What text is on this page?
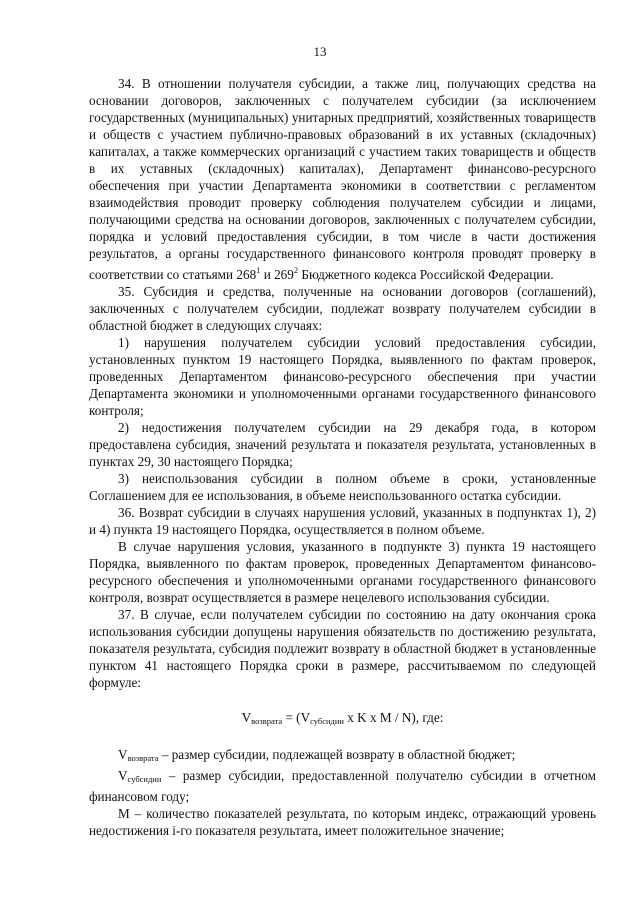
13

34. В отношении получателя субсидии, а также лиц, получающих средства на основании договоров, заключенных с получателем субсидии (за исключением государственных (муниципальных) унитарных предприятий, хозяйственных товариществ и обществ с участием публично-правовых образований в их уставных (складочных) капиталах, а также коммерческих организаций с участием таких товариществ и обществ в их уставных (складочных) капиталах), Департамент финансово-ресурсного обеспечения при участии Департамента экономики в соответствии с регламентом взаимодействия проводит проверку соблюдения получателем субсидии и лицами, получающими средства на основании договоров, заключенных с получателем субсидии, порядка и условий предоставления субсидии, в том числе в части достижения результатов, а органы государственного финансового контроля проводят проверку в соответствии со статьями $268^1$ и $269^2$ Бюджетного кодекса Российской Федерации.

35. Субсидия и средства, полученные на основании договоров (соглашений), заключенных с получателем субсидии, подлежат возврату получателем субсидии в областной бюджет в следующих случаях:

1) нарушения получателем субсидии условий предоставления субсидии, установленных пунктом 19 настоящего Порядка, выявленного по фактам проверок, проведенных Департаментом финансово-ресурсного обеспечения при участии Департамента экономики и уполномоченными органами государственного финансового контроля;

2) недостижения получателем субсидии на 29 декабря года, в котором предоставлена субсидия, значений результата и показателя результата, установленных в пунктах 29, 30 настоящего Порядка;

3) неиспользования субсидии в полном объеме в сроки, установленные Соглашением для ее использования, в объеме неиспользованного остатка субсидии.

36. Возврат субсидии в случаях нарушения условий, указанных в подпунктах 1), 2) и 4) пункта 19 настоящего Порядка, осуществляется в полном объеме.

В случае нарушения условия, указанного в подпункте 3) пункта 19 настоящего Порядка, выявленного по фактам проверок, проведенных Департаментом финансово-ресурсного обеспечения и уполномоченными органами государственного финансового контроля, возврат осуществляется в размере нецелевого использования субсидии.

37. В случае, если получателем субсидии по состоянию на дату окончания срока использования субсидии допущены нарушения обязательств по достижению результата, показателя результата, субсидия подлежит возврату в областной бюджет в установленные пунктом 41 настоящего Порядка сроки в размере, рассчитываемом по следующей формуле:

$V_{возврата} = (V_{субсидии}$ x K x M / N), где:

$V_{возврата}$ – размер субсидии, подлежащей возврату в областной бюджет;

$V_{субсидии}$ – размер субсидии, предоставленной получателю субсидии в отчетном финансовом году;

М – количество показателей результата, по которым индекс, отражающий уровень недостижения i-го показателя результата, имеет положительное значение;
